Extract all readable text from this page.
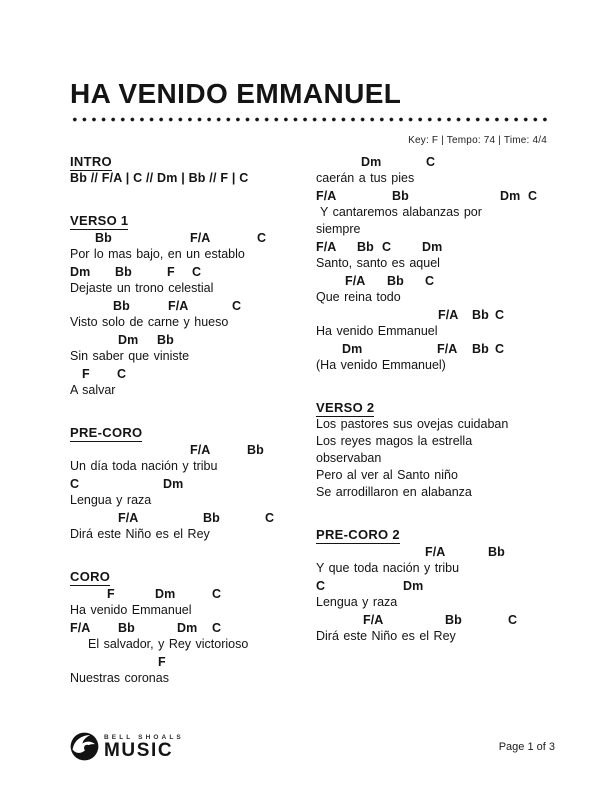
HA VENIDO EMMANUEL
Key: F | Tempo: 74 | Time: 4/4
INTRO
Bb // F/A | C // Dm | Bb // F | C
VERSO 1
Bb	F/A	C
Por lo mas bajo, en un establo
Dm Bb	F C
Dejaste un trono celestial
Bb	F/A	C
Visto solo de carne y hueso
Dm Bb
Sin saber que viniste
F C
A salvar
PRE-CORO
F/A	Bb
Un día toda nación y tribu
C	Dm
Lengua y raza
F/A	Bb	C
Dirá este Niño es el Rey
CORO
F	Dm	C
Ha venido Emmanuel
F/A Bb	Dm C
El salvador, y Rey victorioso
F
Nuestras coronas
Dm	C
caerán a tus pies
F/A	Bb	Dm C
Y cantaremos alabanzas por
siempre
F/A Bb C Dm
Santo, santo es aquel
F/A Bb C
Que reina todo
F/A Bb C
Ha venido Emmanuel
Dm	F/A Bb C
(Ha venido Emmanuel)
VERSO 2
Los pastores sus ovejas cuidaban
Los reyes magos la estrella
observaban
Pero al ver al Santo niño
Se arrodillaron en alabanza
PRE-CORO 2
F/A	Bb
Y que toda nación y tribu
C	Dm
Lengua y raza
F/A	Bb	C
Dirá este Niño es el Rey
BELL SHOALS
MUSIC	Page 1 of 3
